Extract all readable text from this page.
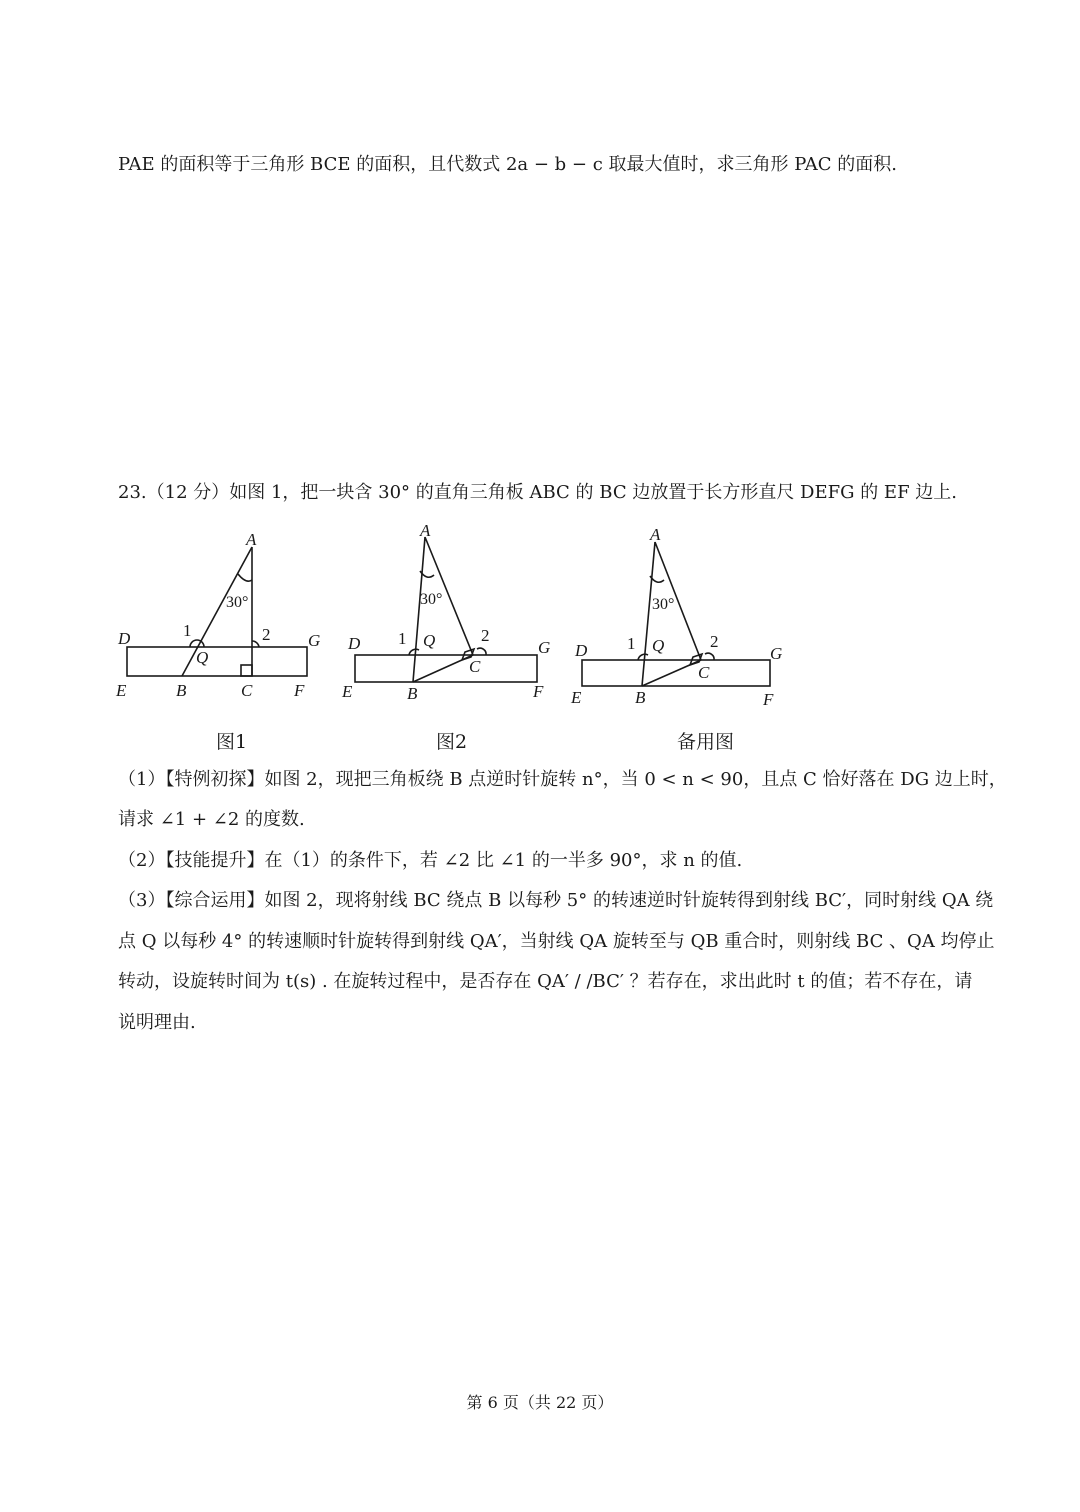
PAE 的面积等于三角形 BCE 的面积，且代数式 2a − b − c 取最大值时，求三角形 PAC 的面积.
23.（12 分）如图 1，把一块含 30° 的直角三角板 ABC 的 BC 边放置于长方形直尺 DEFG 的 EF 边上.
A
30°
1	2
D	G
Q
E	B	C F
图1
A
30°
1 Q	2
D	G
C
E	B	F
图2
A
30°
1 Q	2
D	G
C
E	B	F
备用图
（1）【特例初探】如图 2，现把三角板绕 B 点逆时针旋转 n°，当 0 < n < 90，且点 C 恰好落在 DG 边上时，
请求 ∠1 + ∠2 的度数.
（2）【技能提升】在（1）的条件下，若 ∠2 比 ∠1 的一半多 90°，求 n 的值.
（3）【综合运用】如图 2，现将射线 BC 绕点 B 以每秒 5° 的转速逆时针旋转得到射线 BC′，同时射线 QA 绕
点 Q 以每秒 4° 的转速顺时针旋转得到射线 QA′，当射线 QA 旋转至与 QB 重合时，则射线 BC 、QA 均停止
转动，设旋转时间为 t(s) . 在旋转过程中，是否存在 QA′ / /BC′ ？若存在，求出此时 t 的值；若不存在，请
说明理由.
第 6 页（共 22 页）
